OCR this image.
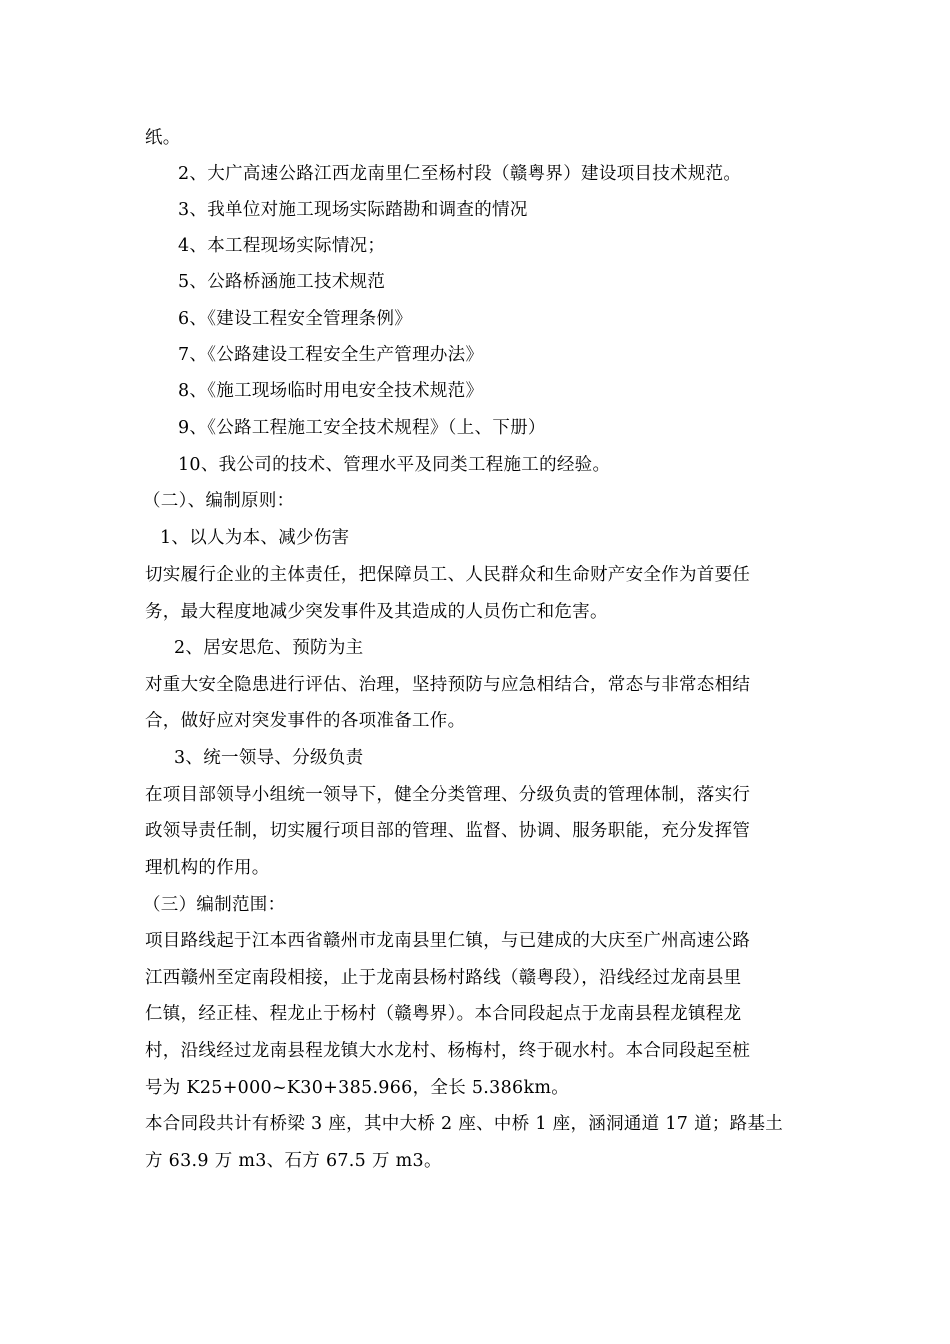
纸。
2、大广高速公路江西龙南里仁至杨村段（赣粤界）建设项目技术规范。
3、我单位对施工现场实际踏勘和调查的情况
4、本工程现场实际情况；
5、公路桥涵施工技术规范
6、《建设工程安全管理条例》
7、《公路建设工程安全生产管理办法》
8、《施工现场临时用电安全技术规范》
9、《公路工程施工安全技术规程》（上、下册）
10、我公司的技术、管理水平及同类工程施工的经验。
（二）、编制原则：
1、以人为本、减少伤害
切实履行企业的主体责任，把保障员工、人民群众和生命财产安全作为首要任
务，最大程度地减少突发事件及其造成的人员伤亡和危害。
2、居安思危、预防为主
对重大安全隐患进行评估、治理，坚持预防与应急相结合，常态与非常态相结
合，做好应对突发事件的各项准备工作。
3、统一领导、分级负责
在项目部领导小组统一领导下，健全分类管理、分级负责的管理体制，落实行
政领导责任制，切实履行项目部的管理、监督、协调、服务职能，充分发挥管
理机构的作用。
（三）编制范围：
项目路线起于江本西省赣州市龙南县里仁镇，与已建成的大庆至广州高速公路
江西赣州至定南段相接，止于龙南县杨村路线（赣粤段），沿线经过龙南县里
仁镇，经正桂、程龙止于杨村（赣粤界）。本合同段起点于龙南县程龙镇程龙
村，沿线经过龙南县程龙镇大水龙村、杨梅村，终于砚水村。本合同段起至桩
号为 K25+000~K30+385.966，全长 5.386km。
本合同段共计有桥梁 3 座，其中大桥 2 座、中桥 1 座，涵洞通道 17 道；路基土
方 63.9 万 m3、石方 67.5 万 m3。
